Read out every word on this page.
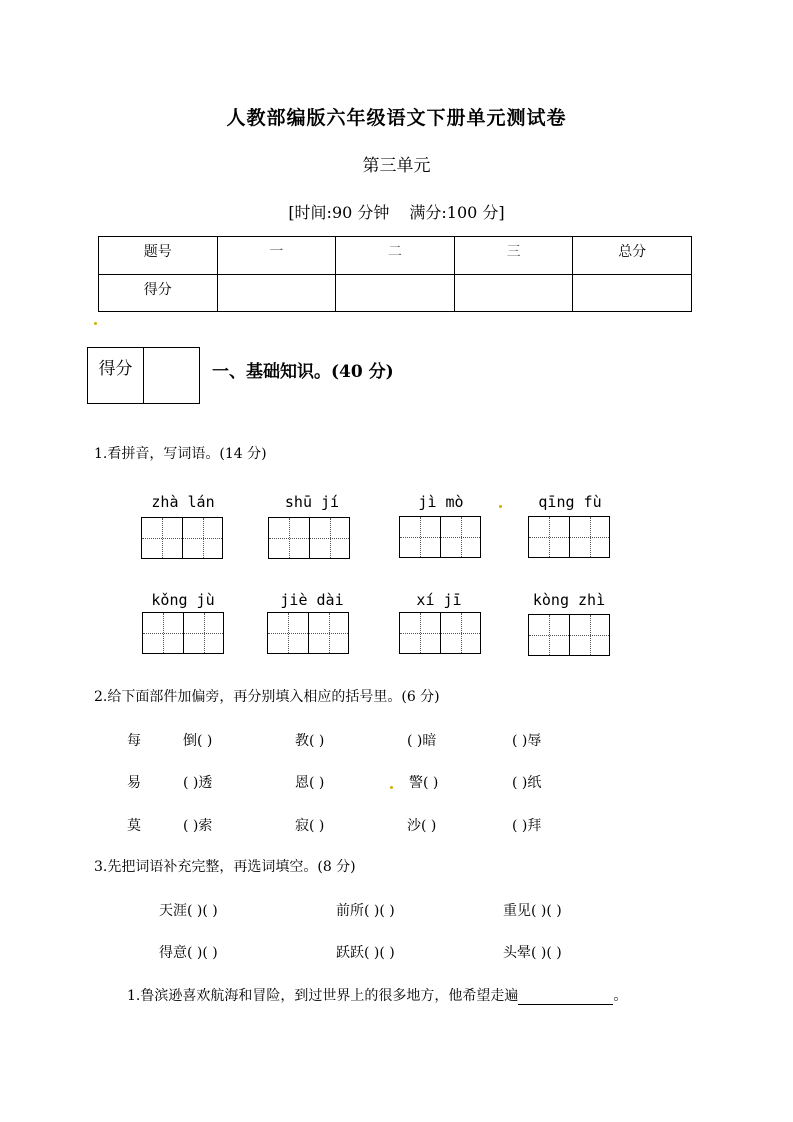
人教部编版六年级语文下册单元测试卷
第三单元
[时间:90 分钟 满分:100 分]
题号	一	二	三	总分
得分				
得分	一、基础知识。(40 分)
1.看拼音，写词语。(14 分)
zhà lán	shū jí	jì mò	qīng fù
kǒng jù	jiè dài	xí jī	kòng zhì
2.给下面部件加偏旁，再分别填入相应的括号里。(6 分)
每	倒( )	教( )	( )暗	( )辱
易	( )透	恩( )	警( )	( )纸
莫	( )索	寂( )	沙( )	( )拜
3.先把词语补充完整，再选词填空。(8 分)
天涯( )( )	前所( )( )	重见( )( )
得意( )( )	跃跃( )( )	头晕( )( )
1.鲁滨逊喜欢航海和冒险，到过世界上的很多地方，他希望走遍	。
